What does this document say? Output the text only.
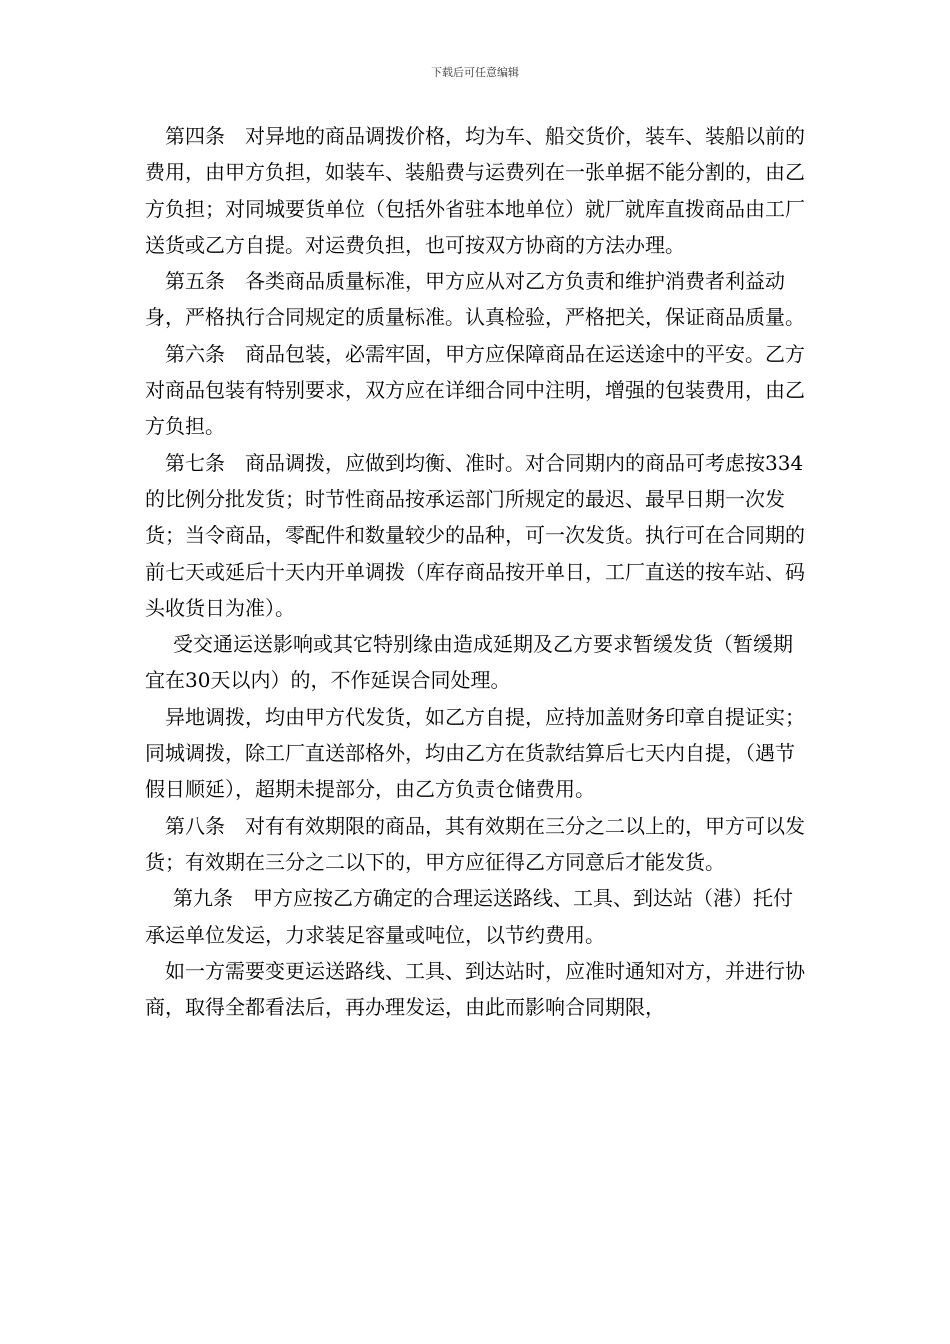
下载后可任意编辑

第四条　对异地的商品调拨价格，均为车、船交货价，装车、装船以前的费用，由甲方负担，如装车、装船费与运费列在一张单据不能分割的，由乙方负担；对同城要货单位（包括外省驻本地单位）就厂就库直拨商品由工厂送货或乙方自提。对运费负担，也可按双方协商的方法办理。

第五条　各类商品质量标准，甲方应从对乙方负责和维护消费者利益动身，严格执行合同规定的质量标准。认真检验，严格把关，保证商品质量。

第六条　商品包装，必需牢固，甲方应保障商品在运送途中的平安。乙方对商品包装有特别要求，双方应在详细合同中注明，增强的包装费用，由乙方负担。

第七条　商品调拨，应做到均衡、准时。对合同期内的商品可考虑按334的比例分批发货；时节性商品按承运部门所规定的最迟、最早日期一次发货；当令商品，零配件和数量较少的品种，可一次发货。执行可在合同期的前七天或延后十天内开单调拨（库存商品按开单日，工厂直送的按车站、码头收货日为准）。

受交通运送影响或其它特别缘由造成延期及乙方要求暂缓发货（暂缓期宜在30天以内）的，不作延误合同处理。

异地调拨，均由甲方代发货，如乙方自提，应持加盖财务印章自提证实；同城调拨，除工厂直送部格外，均由乙方在货款结算后七天内自提，（遇节假日顺延），超期未提部分，由乙方负责仓储费用。

第八条　对有有效期限的商品，其有效期在三分之二以上的，甲方可以发货；有效期在三分之二以下的，甲方应征得乙方同意后才能发货。

第九条　甲方应按乙方确定的合理运送路线、工具、到达站（港）托付承运单位发运，力求装足容量或吨位，以节约费用。

如一方需要变更运送路线、工具、到达站时，应准时通知对方，并进行协商，取得全都看法后，再办理发运，由此而影响合同期限，
